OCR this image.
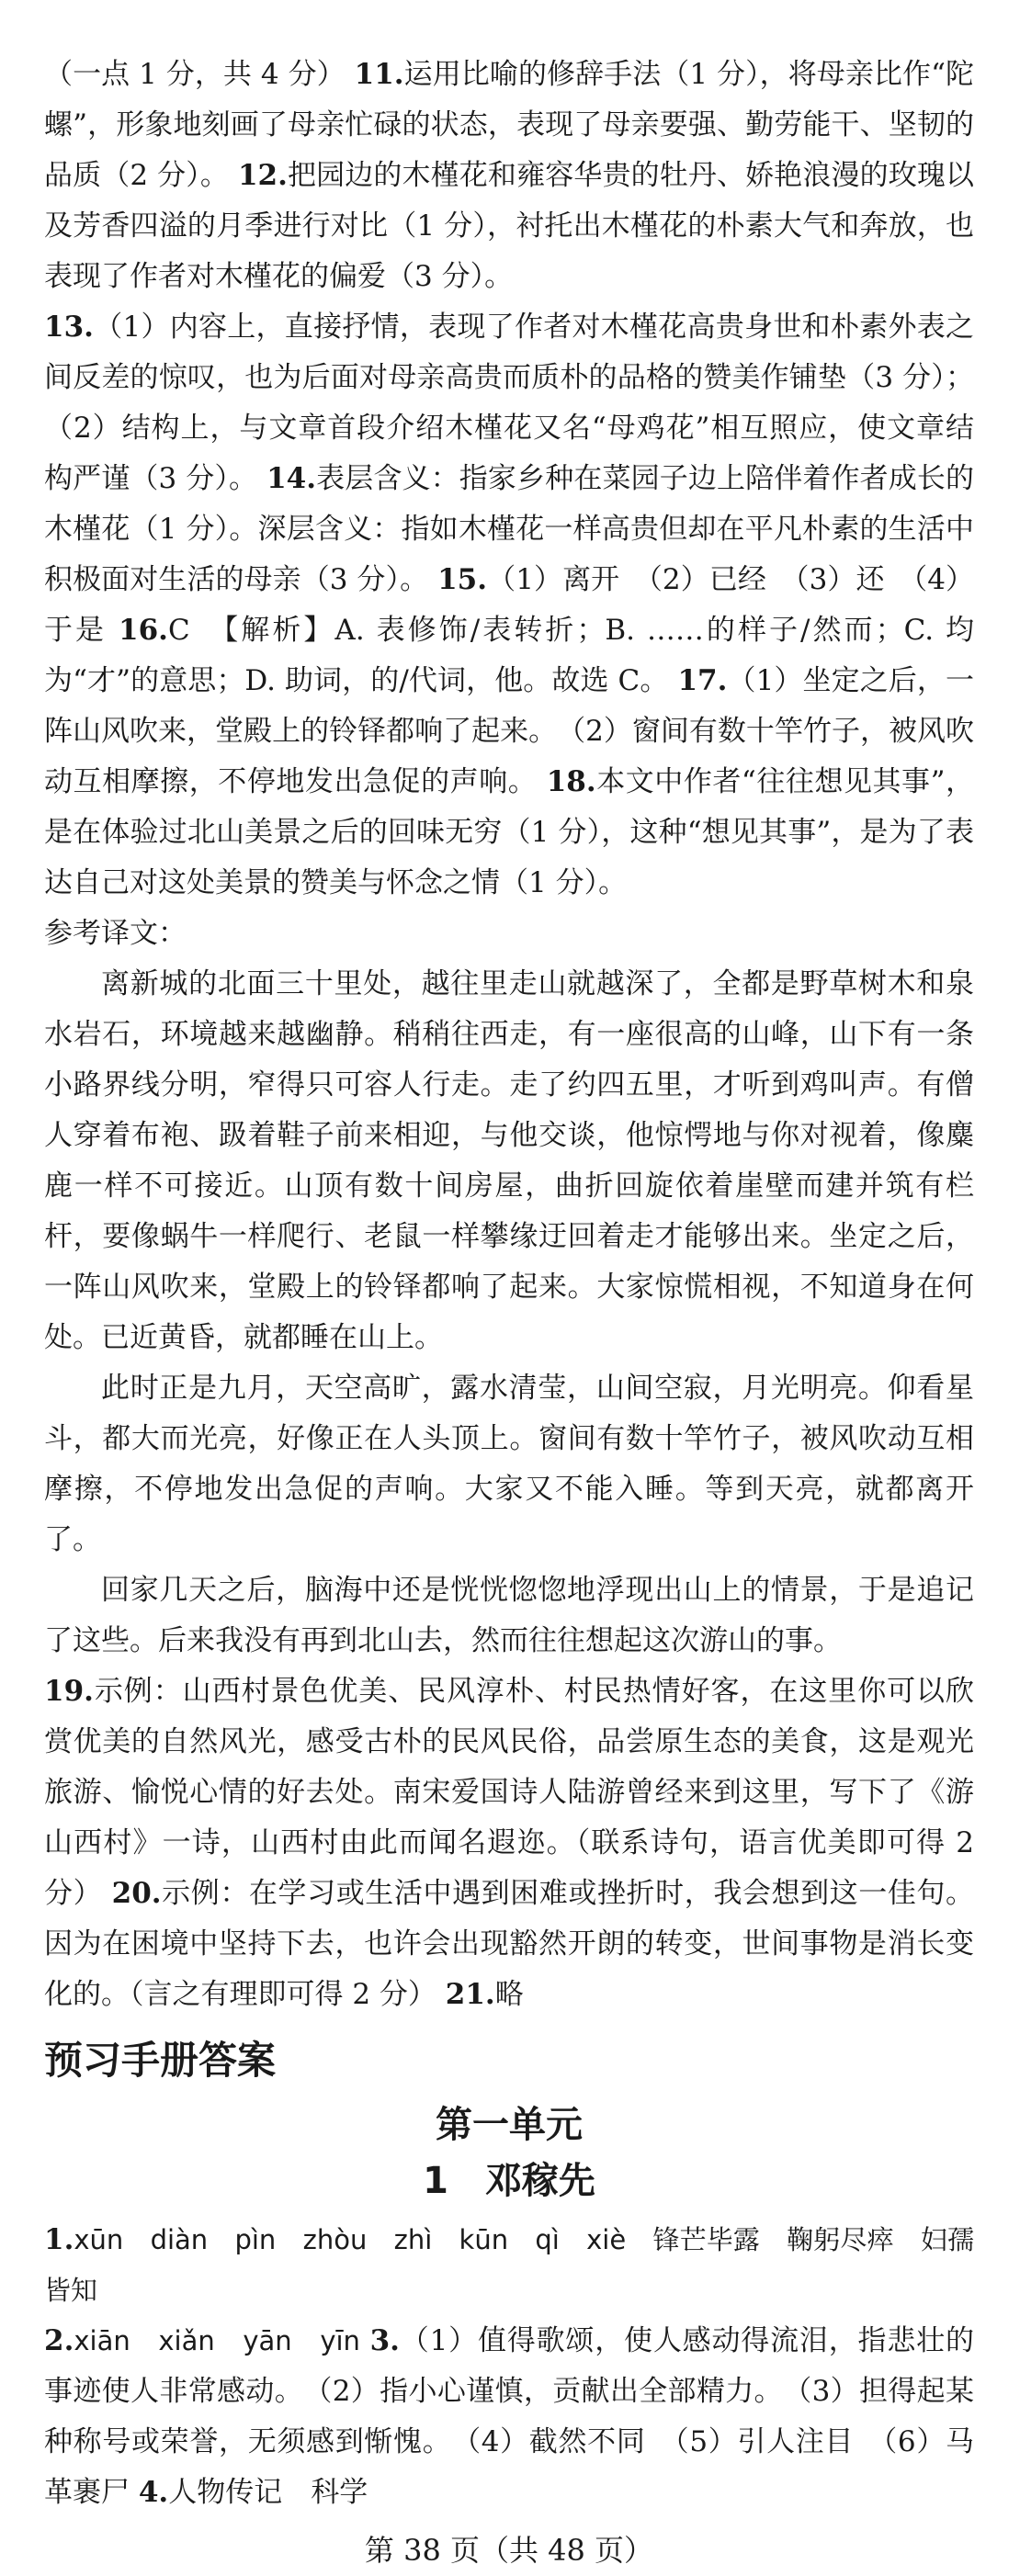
（一点 1 分，共 4 分） 11.运用比喻的修辞手法（1 分），将母亲比作“陀螺”，形象地刻画了母亲忙碌的状态，表现了母亲要强、勤劳能干、坚韧的品质（2 分）。 12.把园边的木槿花和雍容华贵的牡丹、娇艳浪漫的玫瑰以及芳香四溢的月季进行对比（1 分），衬托出木槿花的朴素大气和奔放，也表现了作者对木槿花的偏爱（3 分）。

13.（1）内容上，直接抒情，表现了作者对木槿花高贵身世和朴素外表之间反差的惊叹，也为后面对母亲高贵而质朴的品格的赞美作铺垫（3 分）；（2）结构上，与文章首段介绍木槿花又名“母鸡花”相互照应，使文章结构严谨（3 分）。 14.表层含义：指家乡种在菜园子边上陪伴着作者成长的木槿花（1 分）。深层含义：指如木槿花一样高贵但却在平凡朴素的生活中积极面对生活的母亲（3 分）。 15.（1）离开　（2）已经　（3）还　（4）于是 16.C　【解析】A. 表修饰/表转折；B. ……的样子/然而；C. 均为“才”的意思；D. 助词，的/代词，他。故选 C。 17.（1）坐定之后，一阵山风吹来，堂殿上的铃铎都响了起来。　（2）窗间有数十竿竹子，被风吹动互相摩擦，不停地发出急促的声响。 18.本文中作者“往往想见其事”，是在体验过北山美景之后的回味无穷（1 分），这种“想见其事”，是为了表达自己对这处美景的赞美与怀念之情（1 分）。

参考译文：

离新城的北面三十里处，越往里走山就越深了，全都是野草树木和泉水岩石，环境越来越幽静。稍稍往西走，有一座很高的山峰，山下有一条小路界线分明，窄得只可容人行走。走了约四五里，才听到鸡叫声。有僧人穿着布袍、趿着鞋子前来相迎，与他交谈，他惊愕地与你对视着，像麋鹿一样不可接近。山顶有数十间房屋，曲折回旋依着崖壁而建并筑有栏杆，要像蜗牛一样爬行、老鼠一样攀缘迂回着走才能够出来。坐定之后，一阵山风吹来，堂殿上的铃铎都响了起来。大家惊慌相视，不知道身在何处。已近黄昏，就都睡在山上。

此时正是九月，天空高旷，露水清莹，山间空寂，月光明亮。仰看星斗，都大而光亮，好像正在人头顶上。窗间有数十竿竹子，被风吹动互相摩擦，不停地发出急促的声响。大家又不能入睡。等到天亮，就都离开了。

回家几天之后，脑海中还是恍恍惚惚地浮现出山上的情景，于是追记了这些。后来我没有再到北山去，然而往往想起这次游山的事。

19.示例：山西村景色优美、民风淳朴、村民热情好客，在这里你可以欣赏优美的自然风光，感受古朴的民风民俗，品尝原生态的美食，这是观光旅游、愉悦心情的好去处。南宋爱国诗人陆游曾经来到这里，写下了《游山西村》一诗，山西村由此而闻名遐迩。（联系诗句，语言优美即可得 2 分） 20.示例：在学习或生活中遇到困难或挫折时，我会想到这一佳句。因为在困境中坚持下去，也许会出现豁然开朗的转变，世间事物是消长变化的。（言之有理即可得 2 分） 21.略

预习手册答案
第一单元
1　邓稼先

1.xūn　diàn　pìn　zhòu　zhì　kūn　qì　xiè　锋芒毕露　鞠躬尽瘁　妇孺皆知

2.xiān　xiǎn　yān　yīn 3.（1）值得歌颂，使人感动得流泪，指悲壮的事迹使人非常感动。　（2）指小心谨慎，贡献出全部精力。　（3）担得起某种称号或荣誉，无须感到惭愧。　（4）截然不同　（5）引人注目　（6）马革裹尸 4.人物传记　科学

第 38 页（共 48 页）
